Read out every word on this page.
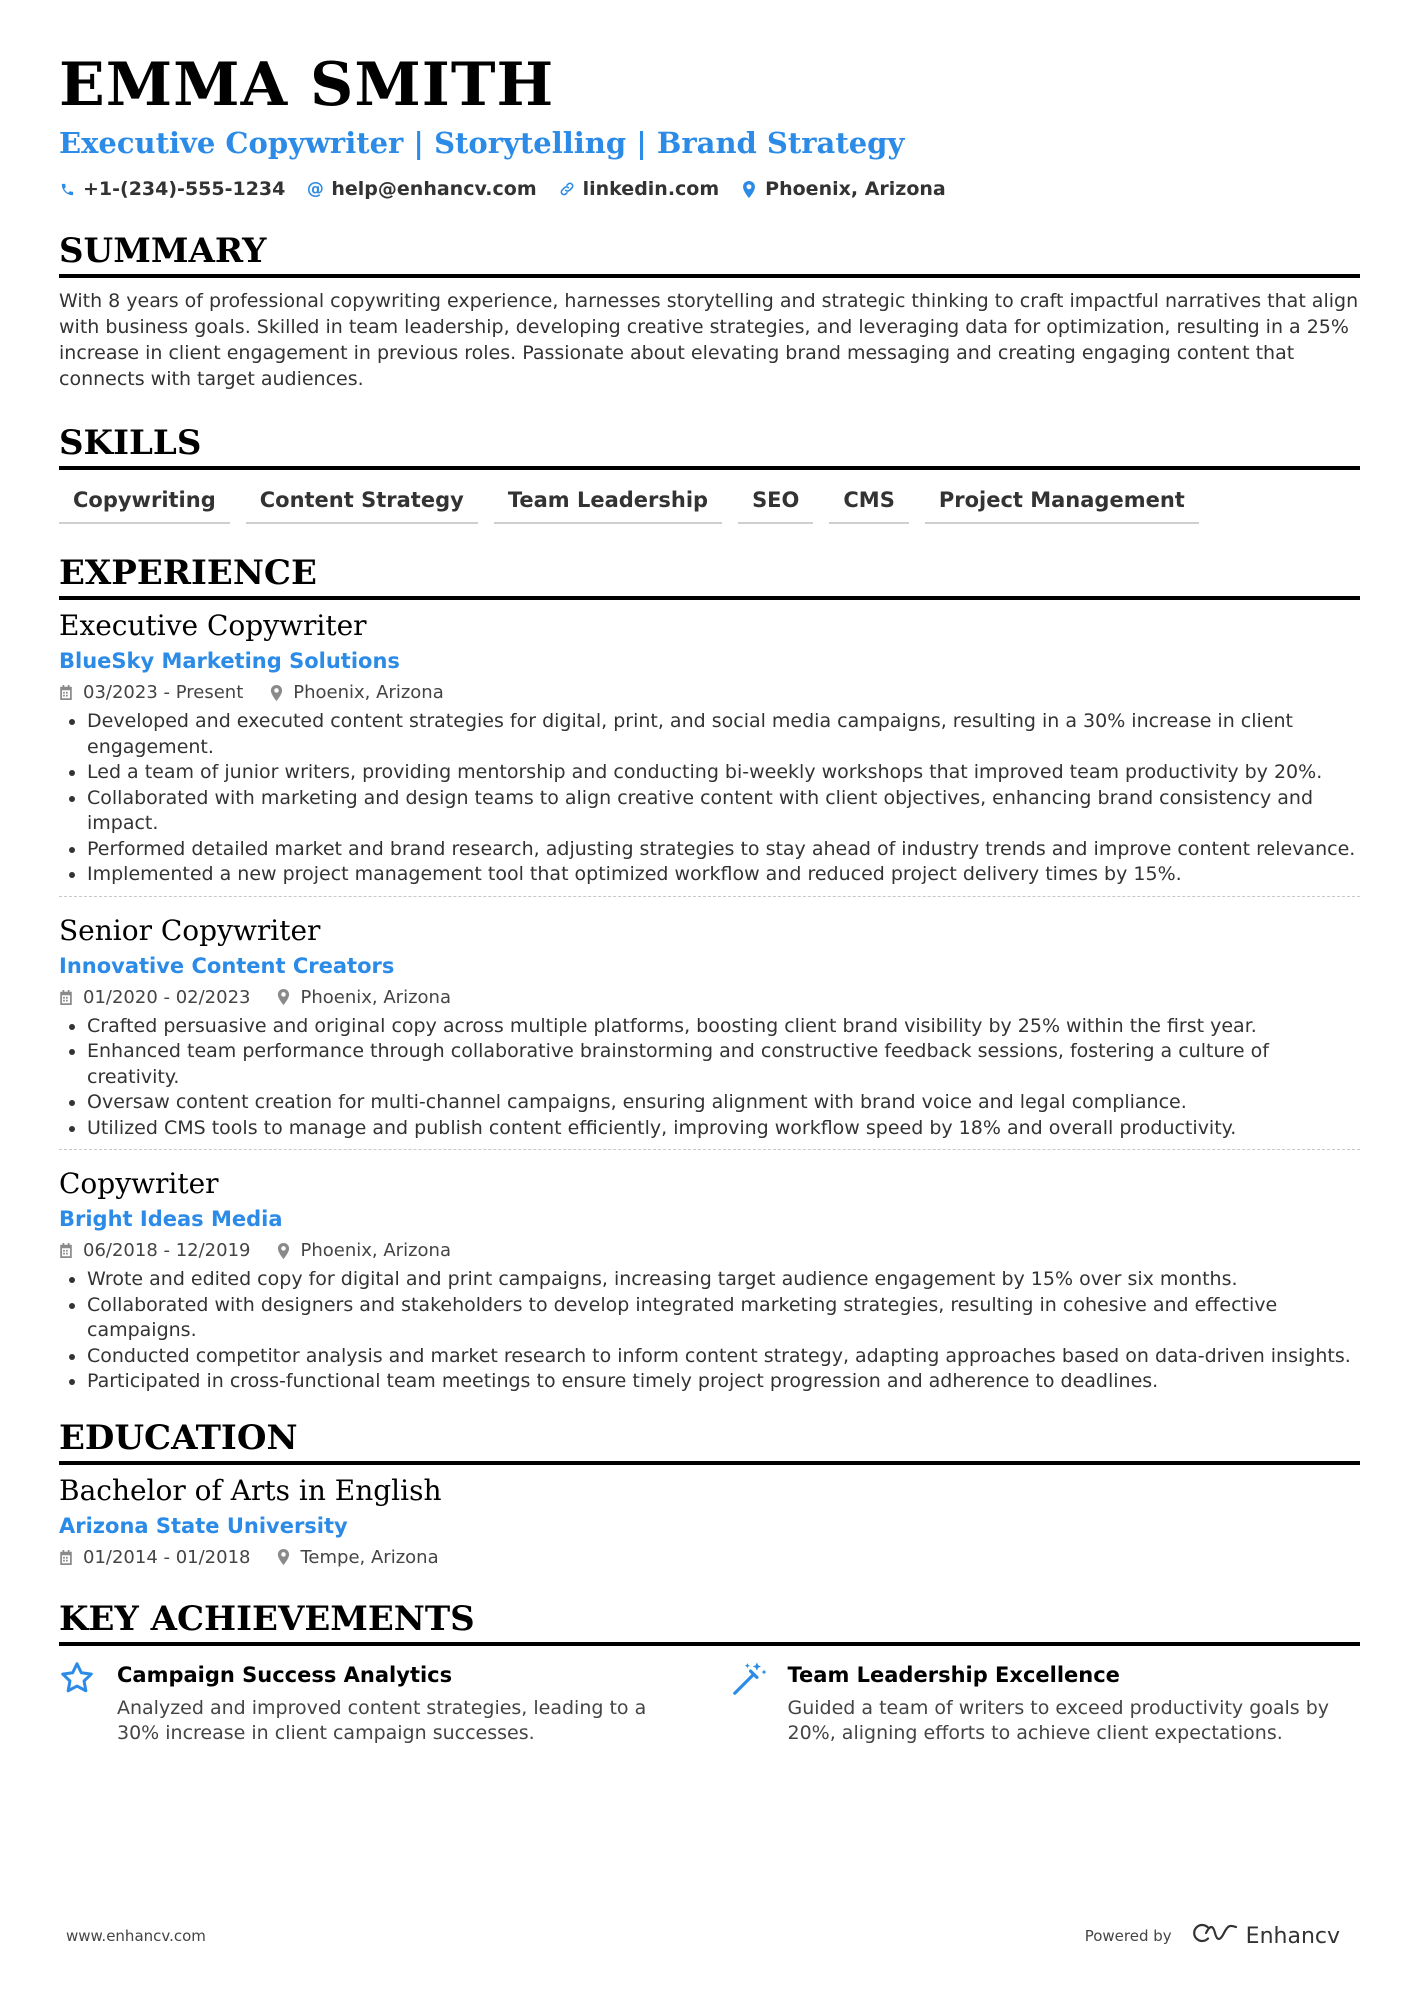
EMMA SMITH
Executive Copywriter | Storytelling | Brand Strategy
+1-(234)-555-1234 @ help@enhancv.com linkedin.com Phoenix, Arizona
SUMMARY
With 8 years of professional copywriting experience, harnesses storytelling and strategic thinking to craft impactful narratives that align with business goals. Skilled in team leadership, developing creative strategies, and leveraging data for optimization, resulting in a 25% increase in client engagement in previous roles. Passionate about elevating brand messaging and creating engaging content that connects with target audiences.
SKILLS
Copywriting	Content Strategy	Team Leadership	SEO	CMS	Project Management
EXPERIENCE
Executive Copywriter
BlueSky Marketing Solutions
03/2023 - Present	Phoenix, Arizona
• Developed and executed content strategies for digital, print, and social media campaigns, resulting in a 30% increase in client engagement.
• Led a team of junior writers, providing mentorship and conducting bi-weekly workshops that improved team productivity by 20%.
• Collaborated with marketing and design teams to align creative content with client objectives, enhancing brand consistency and impact.
• Performed detailed market and brand research, adjusting strategies to stay ahead of industry trends and improve content relevance.
• Implemented a new project management tool that optimized workflow and reduced project delivery times by 15%.
Senior Copywriter
Innovative Content Creators
01/2020 - 02/2023	Phoenix, Arizona
• Crafted persuasive and original copy across multiple platforms, boosting client brand visibility by 25% within the first year.
• Enhanced team performance through collaborative brainstorming and constructive feedback sessions, fostering a culture of creativity.
• Oversaw content creation for multi-channel campaigns, ensuring alignment with brand voice and legal compliance.
• Utilized CMS tools to manage and publish content efficiently, improving workflow speed by 18% and overall productivity.
Copywriter
Bright Ideas Media
06/2018 - 12/2019	Phoenix, Arizona
• Wrote and edited copy for digital and print campaigns, increasing target audience engagement by 15% over six months.
• Collaborated with designers and stakeholders to develop integrated marketing strategies, resulting in cohesive and effective campaigns.
• Conducted competitor analysis and market research to inform content strategy, adapting approaches based on data-driven insights.
• Participated in cross-functional team meetings to ensure timely project progression and adherence to deadlines.
EDUCATION
Bachelor of Arts in English
Arizona State University
01/2014 - 01/2018	Tempe, Arizona
KEY ACHIEVEMENTS
Campaign Success Analytics
Analyzed and improved content strategies, leading to a 30% increase in client campaign successes.
Team Leadership Excellence
Guided a team of writers to exceed productivity goals by 20%, aligning efforts to achieve client expectations.
www.enhancv.com	Powered by	Enhancv
